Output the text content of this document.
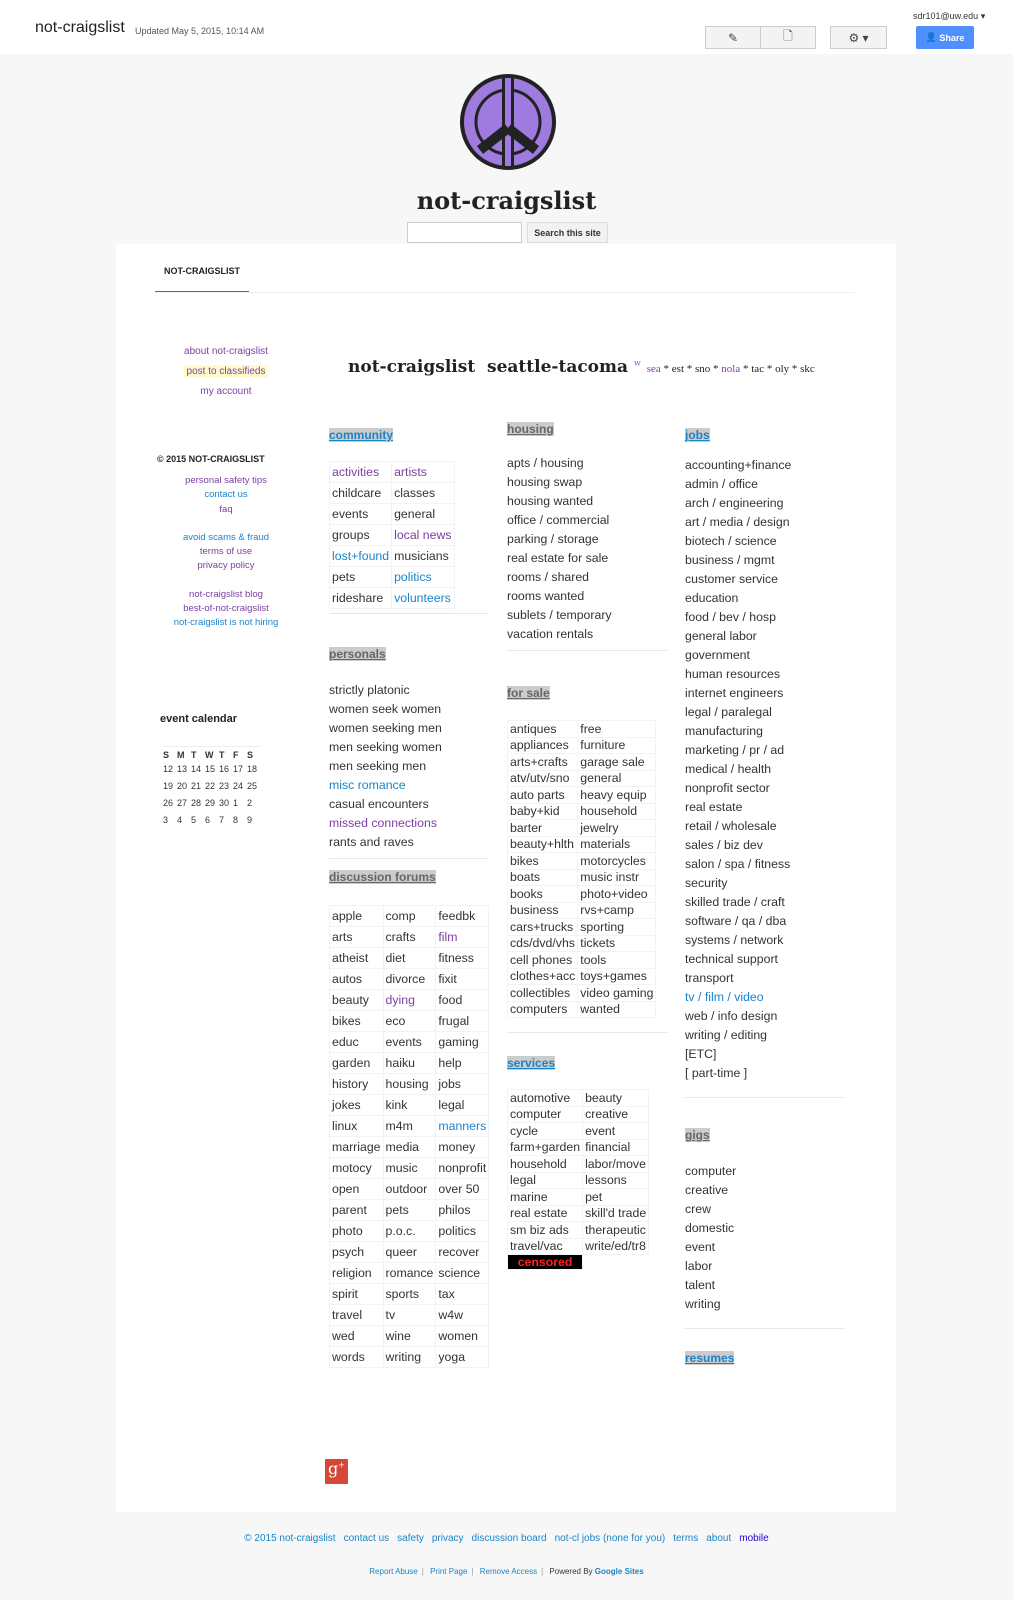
not-craigslist Updated May 5, 2015, 10:14 AM
sdr101@uw.edu ▾
✎	🗋	⚙ ▾	👤 Share
not-craigslist
Search this site
NOT-CRAIGSLIST
about not-craigslist
post to classifieds
my account
© 2015 NOT-CRAIGSLIST
personal safety tips
contact us
faq
avoid scams & fraud
terms of use
privacy policy
not-craigslist blog
best-of-not-craigslist
not-craigslist is not hiring
event calendar
S	M	T	W	T	F	S
12	13	14	15	16	17	18
19	20	21	22	23	24	25
26	27	28	29	30	1	2
3	4	5	6	7	8	9
not-craigslist seattle-tacoma $^w$ sea * est * sno * nola * tac * oly * skc
community
activities	artists
childcare	classes
events	general
groups	local news
lost+found	musicians
pets	politics
rideshare	volunteers
personals
strictly platonic
women seek women
women seeking men
men seeking women
men seeking men
misc romance
casual encounters
missed connections
rants and raves
discussion forums
apple	comp	feedbk
arts	crafts	film
atheist	diet	fitness
autos	divorce	fixit
beauty	dying	food
bikes	eco	frugal
educ	events	gaming
garden	haiku	help
history	housing	jobs
jokes	kink	legal
linux	m4m	manners
marriage	media	money
motocy	music	nonprofit
open	outdoor	over 50
parent	pets	philos
photo	p.o.c.	politics
psych	queer	recover
religion	romance	science
spirit	sports	tax
travel	tv	w4w
wed	wine	women
words	writing	yoga
housing
apts / housing
housing swap
housing wanted
office / commercial
parking / storage
real estate for sale
rooms / shared
rooms wanted
sublets / temporary
vacation rentals
for sale
antiques	free
appliances	furniture
arts+crafts	garage sale
atv/utv/sno	general
auto parts	heavy equip
baby+kid	household
barter	jewelry
beauty+hlth	materials
bikes	motorcycles
boats	music instr
books	photo+video
business	rvs+camp
cars+trucks	sporting
cds/dvd/vhs	tickets
cell phones	tools
clothes+acc	toys+games
collectibles	video gaming
computers	wanted
services
automotive	beauty
computer	creative
cycle	event
farm+garden	financial
household	labor/move
legal	lessons
marine	pet
real estate	skill'd trade
sm biz ads	therapeutic
travel/vac	write/ed/tr8
censored	
jobs
accounting+finance
admin / office
arch / engineering
art / media / design
biotech / science
business / mgmt
customer service
education
food / bev / hosp
general labor
government
human resources
internet engineers
legal / paralegal
manufacturing
marketing / pr / ad
medical / health
nonprofit sector
real estate
retail / wholesale
sales / biz dev
salon / spa / fitness
security
skilled trade / craft
software / qa / dba
systems / network
technical support
transport
tv / film / video
web / info design
writing / editing
[ETC]
[ part-time ]
gigs
computer
creative
crew
domestic
event
labor
talent
writing
resumes
g+
© 2015 not-craigslist contact us safety privacy discussion board not-cl jobs (none for you) terms about mobile
Report Abuse | Print Page | Remove Access | Powered By Google Sites
